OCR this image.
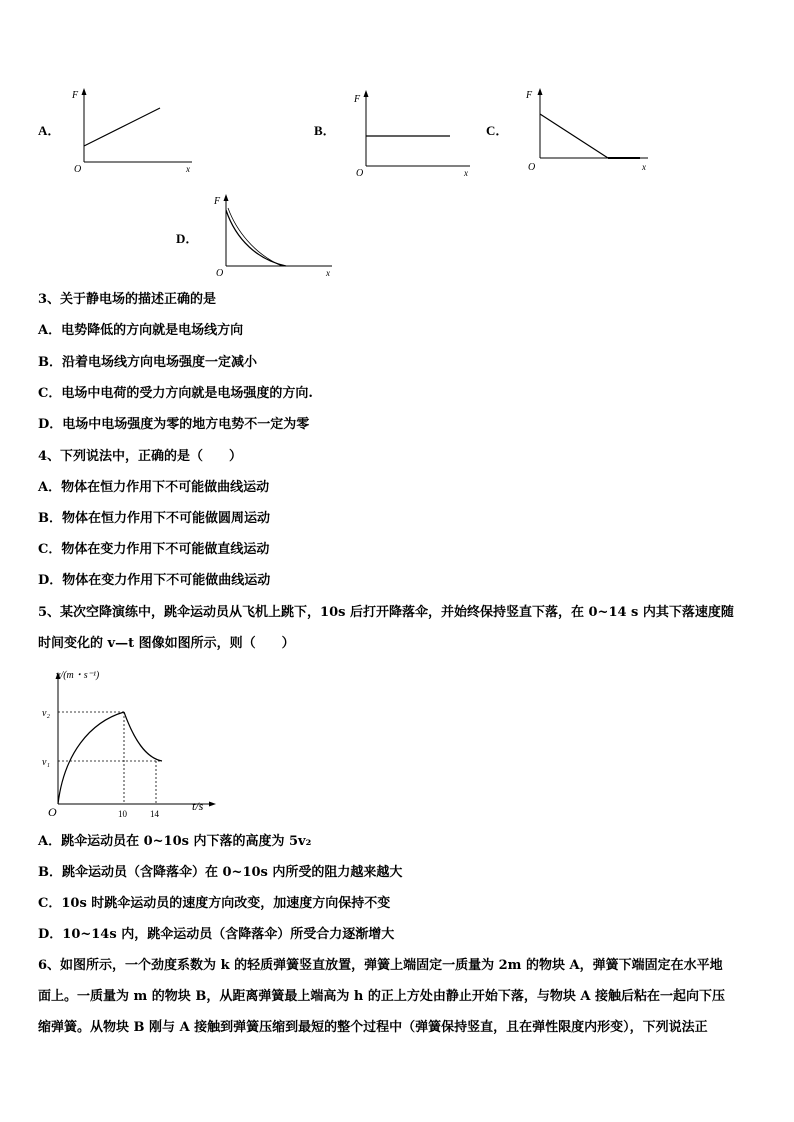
A．
F
O	x
B．
F
O	x
C．
F
O	x
D．
F
O	x
3、关于静电场的描述正确的是
A．电势降低的方向就是电场线方向
B．沿着电场线方向电场强度一定减小
C．电场中电荷的受力方向就是电场强度的方向.
D．电场中电场强度为零的地方电势不一定为零
4、下列说法中，正确的是（　　）
A．物体在恒力作用下不可能做曲线运动
B．物体在恒力作用下不可能做圆周运动
C．物体在变力作用下不可能做直线运动
D．物体在变力作用下不可能做曲线运动
5、某次空降演练中，跳伞运动员从飞机上跳下，10s 后打开降落伞，并始终保持竖直下落，在 0~14 s 内其下落速度随
时间变化的 v—t 图像如图所示，则（　　）
v/(m・s⁻¹)
v₂
v₁
O	10	14
t/s
A．跳伞运动员在 0~10s 内下落的高度为 5v₂
B．跳伞运动员（含降落伞）在 0~10s 内所受的阻力越来越大
C．10s 时跳伞运动员的速度方向改变，加速度方向保持不变
D．10~14s 内，跳伞运动员（含降落伞）所受合力逐渐增大
6、如图所示，一个劲度系数为 k 的轻质弹簧竖直放置，弹簧上端固定一质量为 2m 的物块 A，弹簧下端固定在水平地
面上。一质量为 m 的物块 B，从距离弹簧最上端高为 h 的正上方处由静止开始下落，与物块 A 接触后粘在一起向下压
缩弹簧。从物块 B 刚与 A 接触到弹簧压缩到最短的整个过程中（弹簧保持竖直，且在弹性限度内形变），下列说法正
